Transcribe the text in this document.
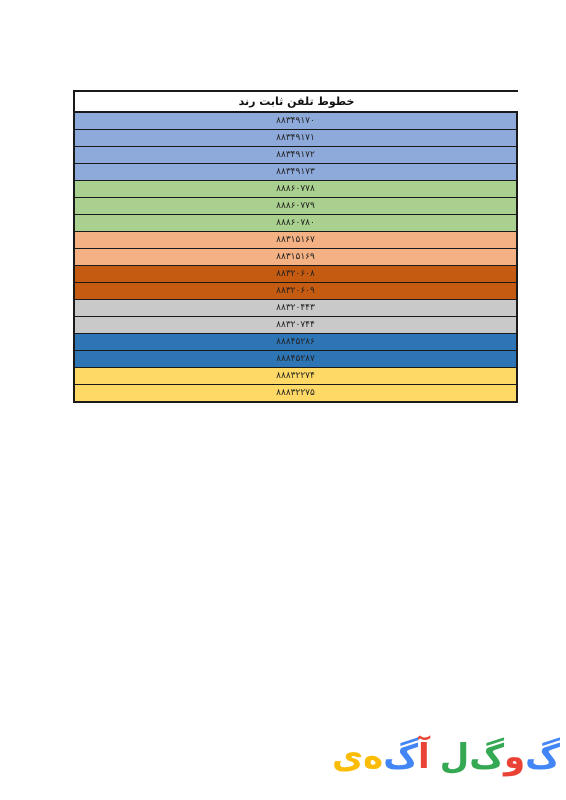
خطوط تلفن ثابت رند
۸۸۳۴۹۱۷۰
۸۸۳۴۹۱۷۱
۸۸۳۴۹۱۷۲
۸۸۳۴۹۱۷۳
۸۸۸۶۰۷۷۸
۸۸۸۶۰۷۷۹
۸۸۸۶۰۷۸۰
۸۸۳۱۵۱۶۷
۸۸۳۱۵۱۶۹
۸۸۳۲۰۶۰۸
۸۸۳۲۰۶۰۹
۸۸۳۲۰۴۴۳
۸۸۳۲۰۷۴۴
۸۸۸۴۵۲۸۶
۸۸۸۴۵۲۸۷
۸۸۸۳۲۲۷۴
۸۸۸۳۲۲۷۵
گ
و
گ
ل
آ
گ
ه
ی
